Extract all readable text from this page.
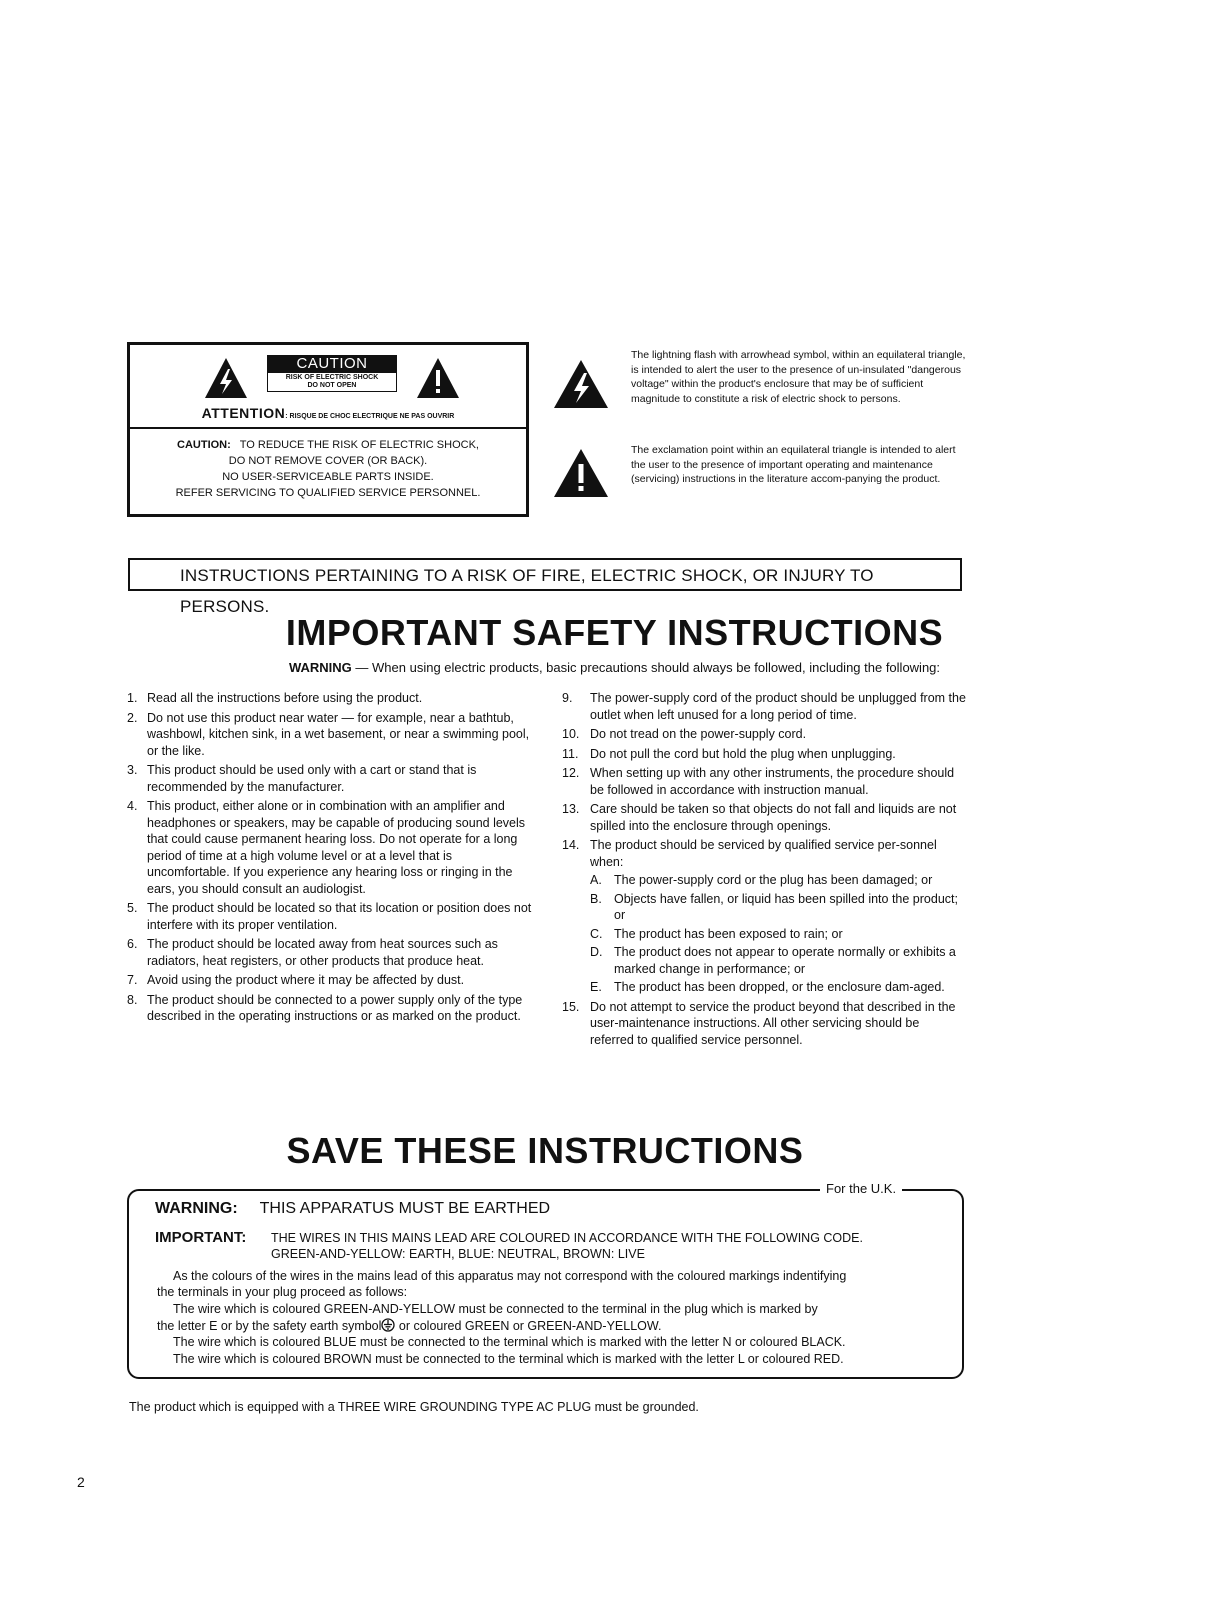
CAUTION
RISK OF ELECTRIC SHOCK
DO NOT OPEN
ATTENTION: RISQUE DE CHOC ELECTRIQUE NE PAS OUVRIR
CAUTION: TO REDUCE THE RISK OF ELECTRIC SHOCK,
DO NOT REMOVE COVER (OR BACK).
NO USER-SERVICEABLE PARTS INSIDE.
REFER SERVICING TO QUALIFIED SERVICE PERSONNEL.
The lightning flash with arrowhead symbol, within an equilateral triangle, is intended to alert the user to the presence of un-insulated "dangerous voltage" within the product's enclosure that may be of sufficient magnitude to constitute a risk of electric shock to persons.
The exclamation point within an equilateral triangle is intended to alert the user to the presence of important operating and maintenance (servicing) instructions in the literature accom-panying the product.
INSTRUCTIONS PERTAINING TO A RISK OF FIRE, ELECTRIC SHOCK, OR INJURY TO PERSONS.
IMPORTANT SAFETY INSTRUCTIONS
WARNING — When using electric products, basic precautions should always be followed, including the following:
1. Read all the instructions before using the product.
2. Do not use this product near water — for example, near a bathtub, washbowl, kitchen sink, in a wet basement, or near a swimming pool, or the like.
3. This product should be used only with a cart or stand that is recommended by the manufacturer.
4. This product, either alone or in combination with an amplifier and headphones or speakers, may be capable of producing sound levels that could cause permanent hearing loss. Do not operate for a long period of time at a high volume level or at a level that is uncomfortable. If you experience any hearing loss or ringing in the ears, you should consult an audiologist.
5. The product should be located so that its location or position does not interfere with its proper ventilation.
6. The product should be located away from heat sources such as radiators, heat registers, or other products that produce heat.
7. Avoid using the product where it may be affected by dust.
8. The product should be connected to a power supply only of the type described in the operating instructions or as marked on the product.
9. The power-supply cord of the product should be unplugged from the outlet when left unused for a long period of time.
10. Do not tread on the power-supply cord.
11. Do not pull the cord but hold the plug when unplugging.
12. When setting up with any other instruments, the procedure should be followed in accordance with instruction manual.
13. Care should be taken so that objects do not fall and liquids are not spilled into the enclosure through openings.
14. The product should be serviced by qualified service per-sonnel when:
A. The power-supply cord or the plug has been damaged; or
B. Objects have fallen, or liquid has been spilled into the product; or
C. The product has been exposed to rain; or
D. The product does not appear to operate normally or exhibits a marked change in performance; or
E. The product has been dropped, or the enclosure dam-aged.
15. Do not attempt to service the product beyond that described in the user-maintenance instructions. All other servicing should be referred to qualified service personnel.
SAVE THESE INSTRUCTIONS
For the U.K.
WARNING: THIS APPARATUS MUST BE EARTHED
IMPORTANT: THE WIRES IN THIS MAINS LEAD ARE COLOURED IN ACCORDANCE WITH THE FOLLOWING CODE.
GREEN-AND-YELLOW: EARTH, BLUE: NEUTRAL, BROWN: LIVE
As the colours of the wires in the mains lead of this apparatus may not correspond with the coloured markings indentifying
the terminals in your plug proceed as follows:
The wire which is coloured GREEN-AND-YELLOW must be connected to the terminal in the plug which is marked by
the letter E or by the safety earth symbol or coloured GREEN or GREEN-AND-YELLOW.
The wire which is coloured BLUE must be connected to the terminal which is marked with the letter N or coloured BLACK.
The wire which is coloured BROWN must be connected to the terminal which is marked with the letter L or coloured RED.
The product which is equipped with a THREE WIRE GROUNDING TYPE AC PLUG must be grounded.
2
